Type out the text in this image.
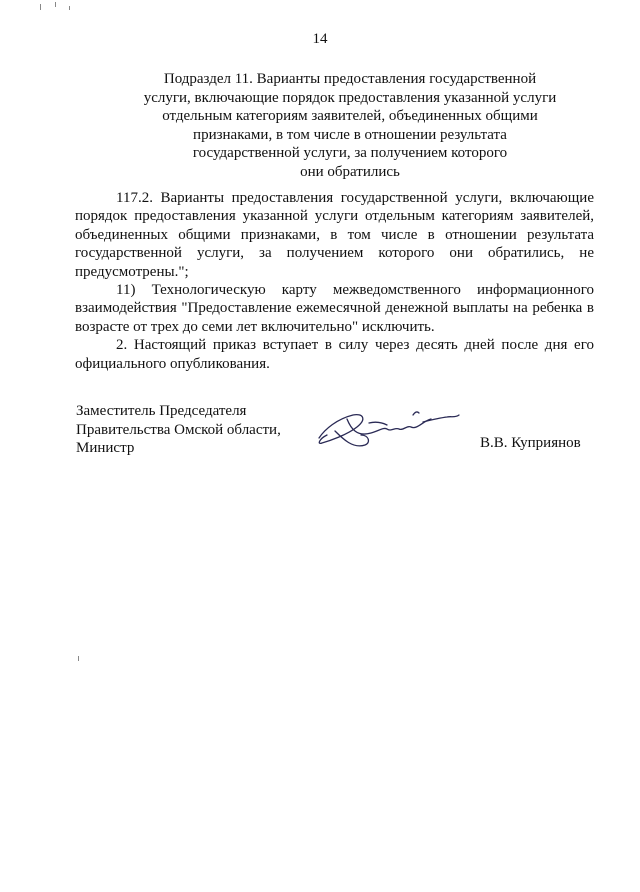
14
Подраздел 11. Варианты предоставления государственной
услуги, включающие порядок предоставления указанной услуги
отдельным категориям заявителей, объединенных общими
признаками, в том числе в отношении результата
государственной услуги, за получением которого
они обратились

117.2. Варианты предоставления государственной услуги, включающие порядок предоставления указанной услуги отдельным категориям заявителей, объединенных общими признаками, в том числе в отношении результата государственной услуги, за получением которого они обратились, не предусмотрены.";

11) Технологическую карту межведомственного информационного взаимодействия "Предоставление ежемесячной денежной выплаты на ребенка в возрасте от трех до семи лет включительно" исключить.

2. Настоящий приказ вступает в силу через десять дней после дня его официального опубликования.

Заместитель Председателя
Правительства Омской области,
Министр	В.В. Куприянов
